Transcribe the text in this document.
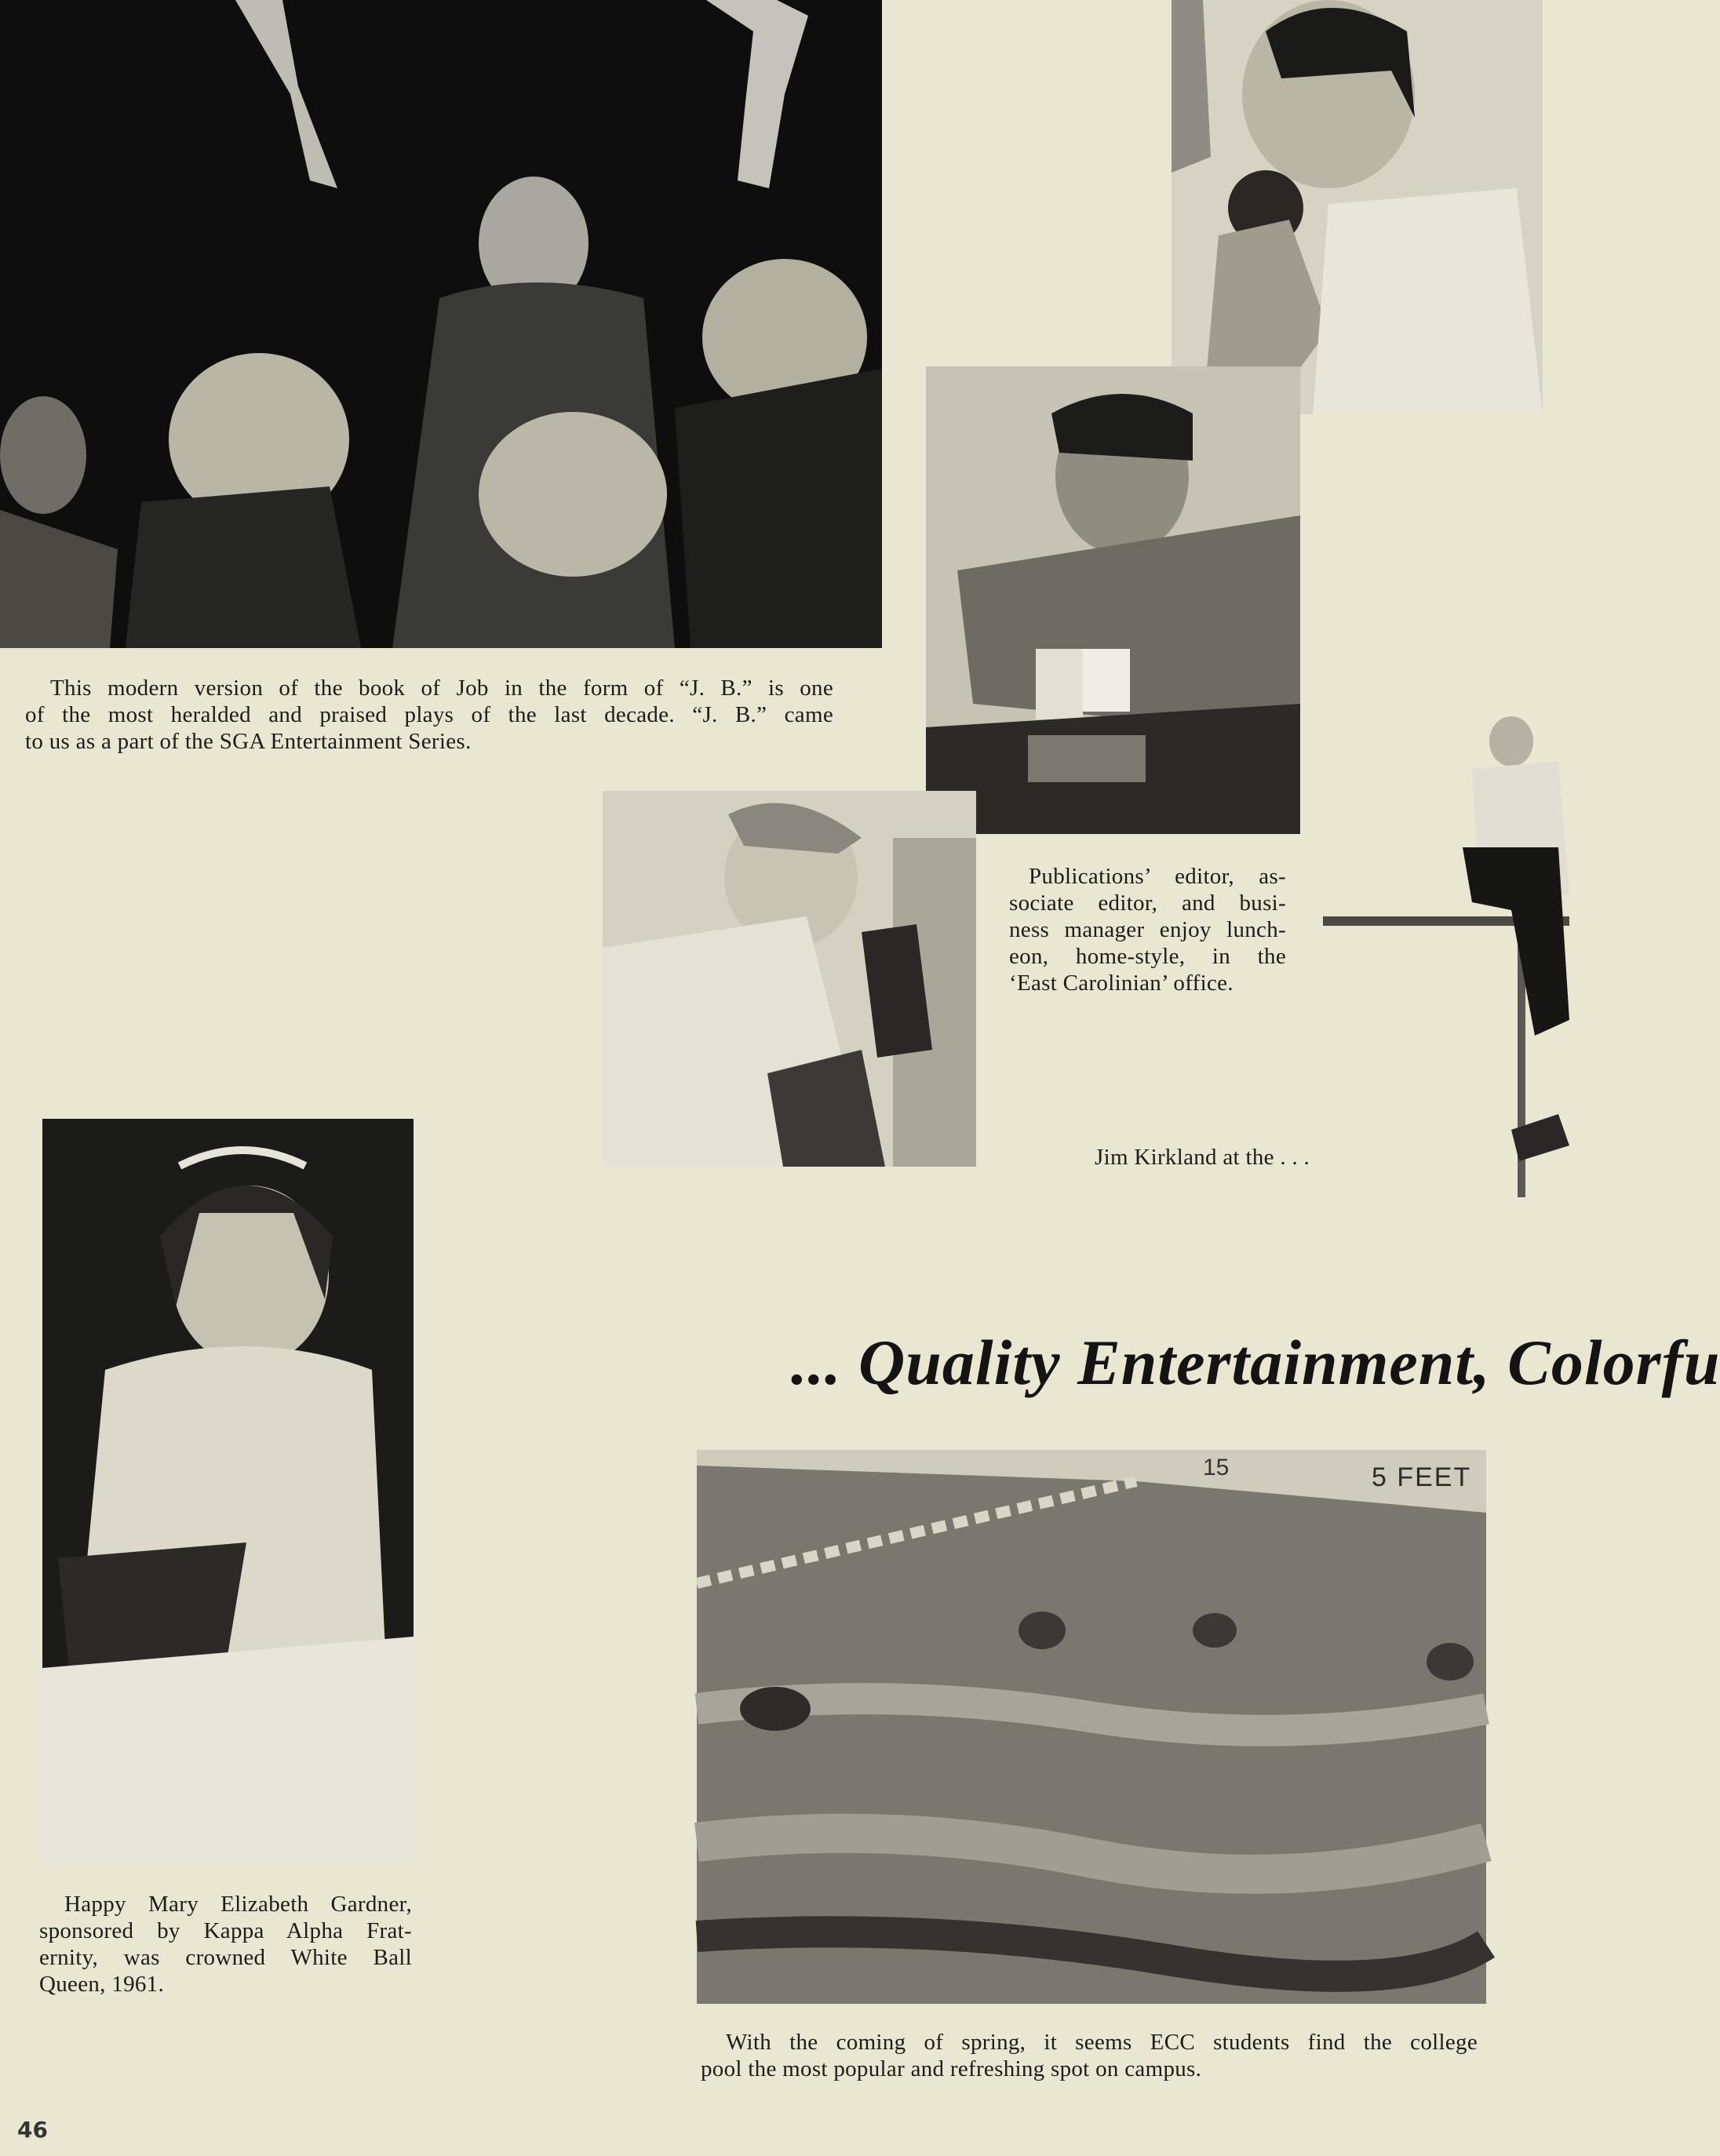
15	5 FEET
This modern version of the book of Job in the form of “J. B.” is one
of the most heralded and praised plays of the last decade. “J. B.” came
to us as a part of the SGA Entertainment Series.
Publications’ editor, as-
sociate editor, and busi-
ness manager enjoy lunch-
eon, home-style, in the
‘East Carolinian’ office.
Jim Kirkland at the . . .
Happy Mary Elizabeth Gardner,
sponsored by Kappa Alpha Frat-
ernity, was crowned White Ball
Queen, 1961.
With the coming of spring, it seems ECC students find the college
pool the most popular and refreshing spot on campus.
... Quality Entertainment, Colorfu
46
